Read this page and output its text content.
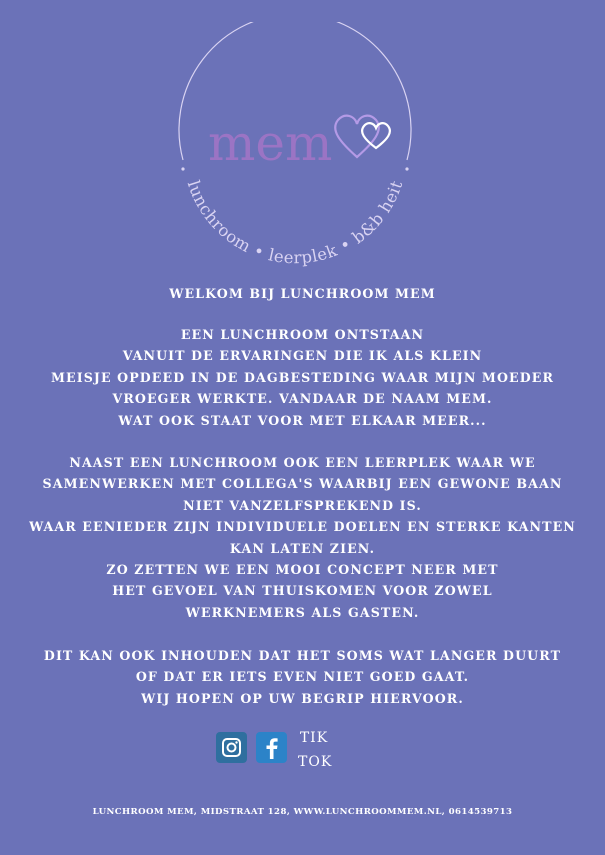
mem
lunchroom • leerplek • b&b heit
WELKOM BIJ LUNCHROOM MEM
EEN LUNCHROOM ONTSTAAN
VANUIT DE ERVARINGEN DIE IK ALS KLEIN
MEISJE OPDEED IN DE DAGBESTEDING WAAR MIJN MOEDER
VROEGER WERKTE. VANDAAR DE NAAM MEM.
WAT OOK STAAT VOOR MET ELKAAR MEER...
NAAST EEN LUNCHROOM OOK EEN LEERPLEK WAAR WE
SAMENWERKEN MET COLLEGA'S WAARBIJ EEN GEWONE BAAN
NIET VANZELFSPREKEND IS.
WAAR EENIEDER ZIJN INDIVIDUELE DOELEN EN STERKE KANTEN
KAN LATEN ZIEN.
ZO ZETTEN WE EEN MOOI CONCEPT NEER MET
HET GEVOEL VAN THUISKOMEN VOOR ZOWEL
WERKNEMERS ALS GASTEN.
DIT KAN OOK INHOUDEN DAT HET SOMS WAT LANGER DUURT
OF DAT ER IETS EVEN NIET GOED GAAT.
WIJ HOPEN OP UW BEGRIP HIERVOOR.
TIK
TOK
LUNCHROOM MEM, MIDSTRAAT 128, WWW.LUNCHROOMMEM.NL, 0614539713
